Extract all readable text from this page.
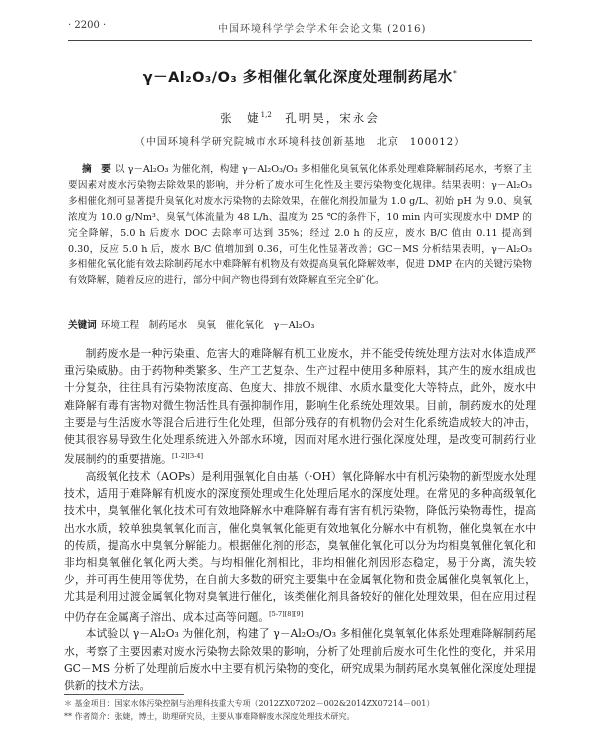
· 2200 ·	中国环境科学学会学术年会论文集 (2016)
γ－Al₂O₃/O₃ 多相催化氧化深度处理制药尾水*
张　婕$^{1,2}$　孔明昊，宋永会
（中国环境科学研究院城市水环境科技创新基地　北京　100012）
摘　要 以 γ－Al₂O₃ 为催化剂，构建 γ－Al₂O₃/O₃ 多相催化臭氧氧化体系处理难降解制药尾水，考察了主要因素对废水污染物去除效果的影响，并分析了废水可生化性及主要污染物变化规律。结果表明：γ－Al₂O₃ 多相催化剂可显著提升臭氧化对废水污染物的去除效果，在催化剂投加量为 1.0 g/L、初始 pH 为 9.0、臭氧浓度为 10.0 g/Nm³、臭氧气体流量为 48 L/h、温度为 25 ℃的条件下，10 min 内可实现废水中 DMP 的完全降解，5.0 h 后废水 DOC 去除率可达到 35%；经过 2.0 h 的反应，废水 B/C 值由 0.11 提高到 0.30，反应 5.0 h 后，废水 B/C 值增加到 0.36，可生化性显著改善；GC－MS 分析结果表明，γ－Al₂O₃ 多相催化氧化能有效去除制药尾水中难降解有机物及有效提高臭氧化降解效率，促进 DMP 在内的关键污染物有效降解，随着反应的进行，部分中间产物也得到有效降解直至完全矿化。
关键词 环境工程　制药尾水　臭氧　催化氧化　γ－Al₂O₃

制药废水是一种污染重、危害大的难降解有机工业废水，并不能受传统处理方法对水体造成严重污染威胁。由于药物种类繁多、生产工艺复杂、生产过程中使用多种原料，其产生的废水组成也十分复杂，往往具有污染物浓度高、色度大、排放不规律、水质水量变化大等特点，此外，废水中难降解有毒有害物对微生物活性具有强抑制作用，影响生化系统处理效果。目前，制药废水的处理主要是与生活废水等混合后进行生化处理，但部分残存的有机物仍会对生化系统造成较大的冲击，使其很容易导致生化处理系统进入外部水环境，因而对尾水进行强化深度处理，是改变可制药行业发展制约的重要措施。[1-2][3-4]

高级氧化技术（AOPs）是利用强氧化自由基（·OH）氧化降解水中有机污染物的新型废水处理技术，适用于难降解有机废水的深度预处理或生化处理后尾水的深度处理。在常见的多种高级氧化技术中，臭氧催化氧化技术可有效地降解水中难降解有毒有害有机污染物，降低污染物毒性，提高出水水质，较单独臭氧氧化而言，催化臭氧氧化能更有效地氧化分解水中有机物，催化臭氧在水中的传质，提高水中臭氧分解能力。根据催化剂的形态，臭氧催化氧化可以分为均相臭氧催化氧化和非均相臭氧催化氧化两大类。与均相催化剂相比，非均相催化剂因形态稳定，易于分离，流失较少，并可再生使用等优势，在自前大多数的研究主要集中在金属氧化物和贵金属催化臭氧氧化上，尤其是利用过渡金属氧化物对臭氧进行催化，该类催化剂具备较好的催化处理效果，但在应用过程中仍存在金属离子溶出、成本过高等问题。[5-7][8][9]

本试验以 γ－Al₂O₃ 为催化剂，构建了 γ－Al₂O₃/O₃ 多相催化臭氧氧化体系处理难降解制药尾水，考察了主要因素对废水污染物去除效果的影响，分析了处理前后废水可生化性的变化，并采用 GC－MS 分析了处理前后废水中主要有机污染物的变化，研究成果为制药尾水臭氧催化深度处理提供新的技术方法。

＊ 基金项目：国家水体污染控制与治理科技重大专项（2012ZX07202－002&2014ZX07214－001）
** 作者简介：张婕，博士，助理研究员，主要从事难降解废水深度处理技术研究。
